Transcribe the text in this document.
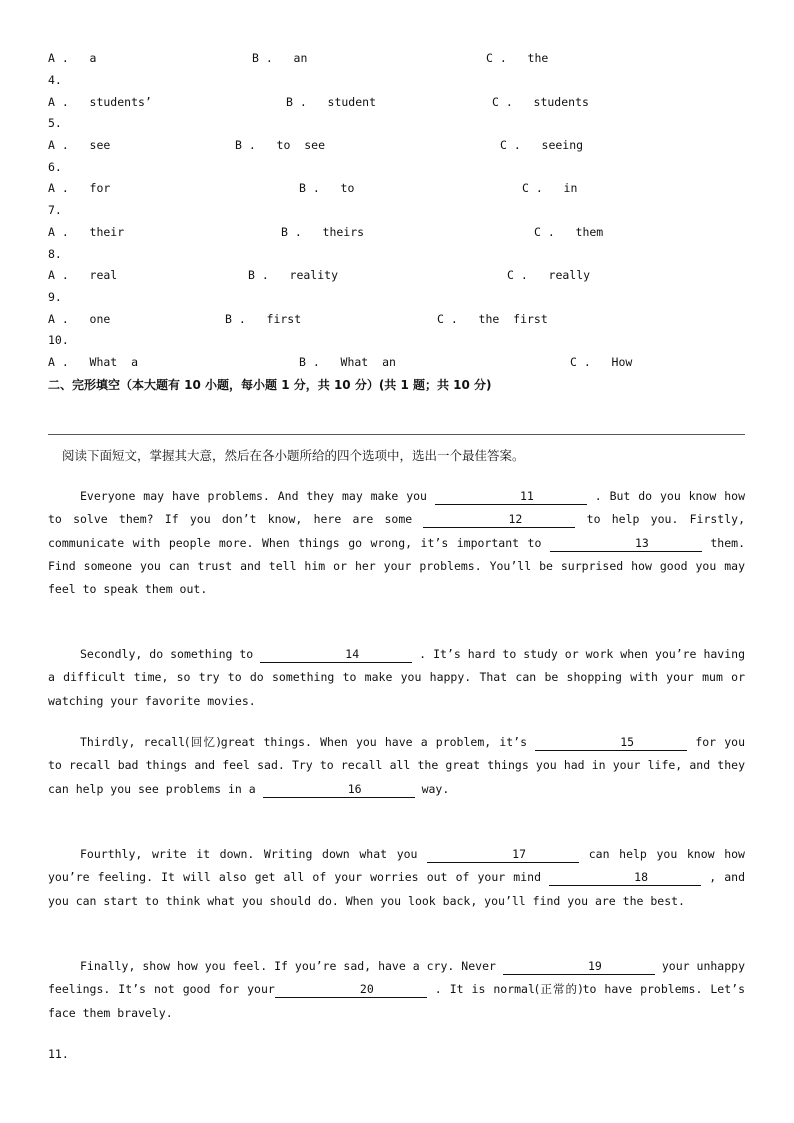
A .   a	B .   an	C .   the
4.
A .   students’	B .   student	C .   students
5.
A .   see	B .   to  see	C .   seeing
6.
A .   for	B .   to	C .   in
7.
A .   their	B .   theirs	C .   them
8.
A .   real	B .   reality	C .   really
9.
A .   one	B .   first	C .   the  first
10.
A .   What  a	B .   What  an	C .   How
二、完形填空（本大题有 10 小题，每小题 1 分，共 10 分）(共 1 题；共 10 分)
阅读下面短文，掌握其大意，然后在各小题所给的四个选项中，选出一个最佳答案。
Everyone may have problems. And they may make you	11	. But do you know how to solve them? If you don’t know, here are some	12	to help you. Firstly, communicate with people more. When things go wrong, it’s important to	13	them. Find someone you can trust and tell him or her your problems. You’ll be surprised how good you may feel to speak them out.
Secondly, do something to	14	. It’s hard to study or work when you’re having a difficult time, so try to do something to make you happy. That can be shopping with your mum or watching your favorite movies.
Thirdly, recall(回忆)great things. When you have a problem, it’s	15	for you to recall bad things and feel sad. Try to recall all the great things you had in your life, and they can help you see problems in a	16	way.
Fourthly, write it down. Writing down what you	17	can help you know how you’re feeling. It will also get all of your worries out of your mind	18	, and you can start to think what you should do. When you look back, you’ll find you are the best.
Finally, show how you feel. If you’re sad, have a cry. Never	19	your unhappy feelings. It’s not good for your	20	. It is normal(正常的)to have problems. Let’s face them bravely.
11.
